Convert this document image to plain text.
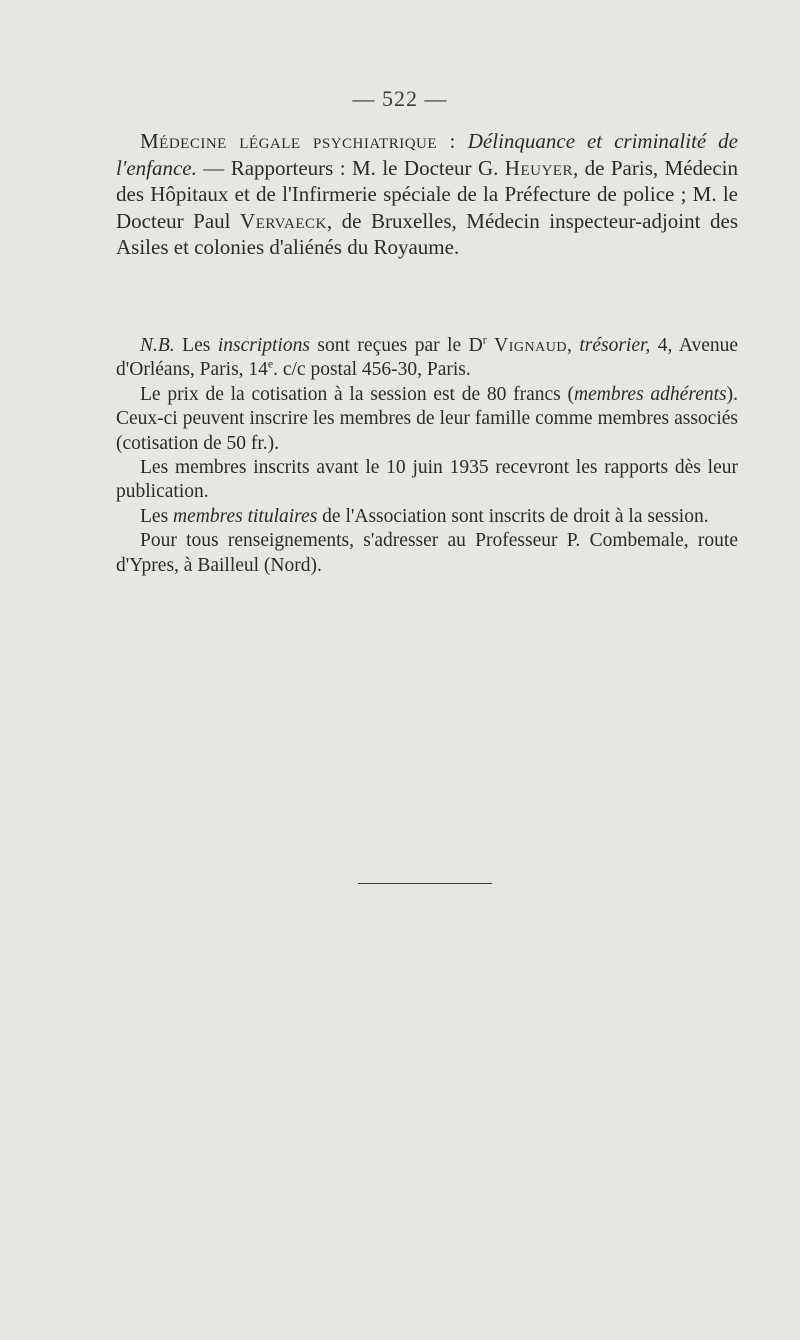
— 522 —

Médecine légale psychiatrique : Délinquance et criminalité de l'enfance. — Rapporteurs : M. le Docteur G. Heuyer, de Paris, Médecin des Hôpitaux et de l'Infirmerie spéciale de la Préfecture de police ; M. le Docteur Paul Vervaeck, de Bruxelles, Médecin inspecteur-adjoint des Asiles et colonies d'aliénés du Royaume.

N.B. Les inscriptions sont reçues par le $D^r$ Vignaud, trésorier, 4, Avenue d'Orléans, Paris, 14e. c/c postal 456-30, Paris.

Le prix de la cotisation à la session est de 80 francs (membres adhérents). Ceux-ci peuvent inscrire les membres de leur famille comme membres associés (cotisation de 50 fr.).

Les membres inscrits avant le 10 juin 1935 recevront les rapports dès leur publication.

Les membres titulaires de l'Association sont inscrits de droit à la session.

Pour tous renseignements, s'adresser au Professeur P. Combemale, route d'Ypres, à Bailleul (Nord).
